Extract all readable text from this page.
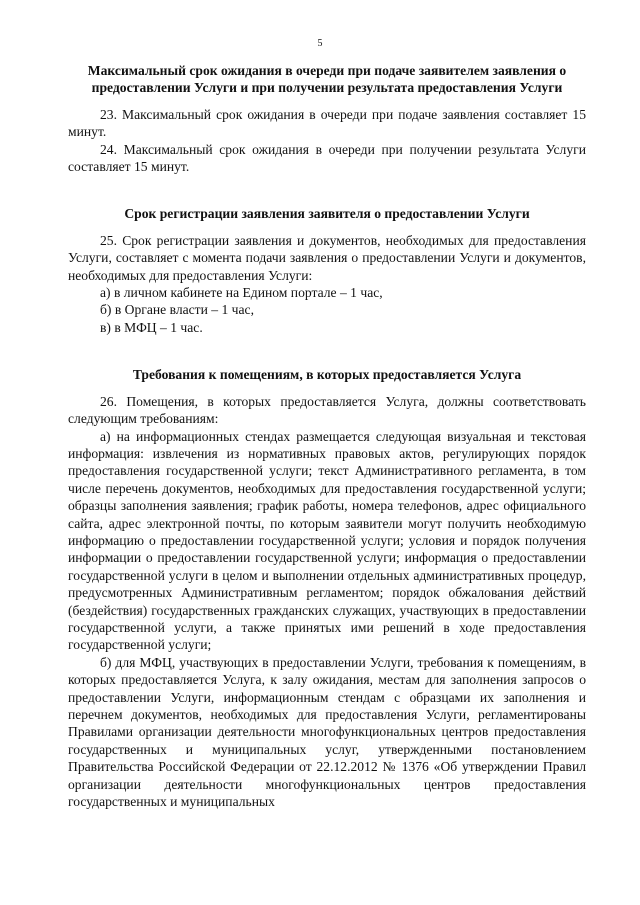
5
Максимальный срок ожидания в очереди при подаче заявителем заявления о предоставлении Услуги и при получении результата предоставления Услуги

23. Максимальный срок ожидания в очереди при подаче заявления составляет 15 минут.

24. Максимальный срок ожидания в очереди при получении результата Услуги составляет 15 минут.

Срок регистрации заявления заявителя о предоставлении Услуги

25. Срок регистрации заявления и документов, необходимых для предоставления Услуги, составляет с момента подачи заявления о предоставлении Услуги и документов, необходимых для предоставления Услуги:

а) в личном кабинете на Едином портале – 1 час,

б) в Органе власти – 1 час,

в) в МФЦ – 1 час.

Требования к помещениям, в которых предоставляется Услуга

26. Помещения, в которых предоставляется Услуга, должны соответствовать следующим требованиям:

а) на информационных стендах размещается следующая визуальная и текстовая информация: извлечения из нормативных правовых актов, регулирующих порядок предоставления государственной услуги; текст Административного регламента, в том числе перечень документов, необходимых для предоставления государственной услуги; образцы заполнения заявления; график работы, номера телефонов, адрес официального сайта, адрес электронной почты, по которым заявители могут получить необходимую информацию о предоставлении государственной услуги; условия и порядок получения информации о предоставлении государственной услуги; информация о предоставлении государственной услуги в целом и выполнении отдельных административных процедур, предусмотренных Административным регламентом; порядок обжалования действий (бездействия) государственных гражданских служащих, участвующих в предоставлении государственной услуги, а также принятых ими решений в ходе предоставления государственной услуги;

б) для МФЦ, участвующих в предоставлении Услуги, требования к помещениям, в которых предоставляется Услуга, к залу ожидания, местам для заполнения запросов о предоставлении Услуги, информационным стендам с образцами их заполнения и перечнем документов, необходимых для предоставления Услуги, регламентированы Правилами организации деятельности многофункциональных центров предоставления государственных и муниципальных услуг, утвержденными постановлением Правительства Российской Федерации от 22.12.2012 № 1376 «Об утверждении Правил организации деятельности многофункциональных центров предоставления государственных и муниципальных
